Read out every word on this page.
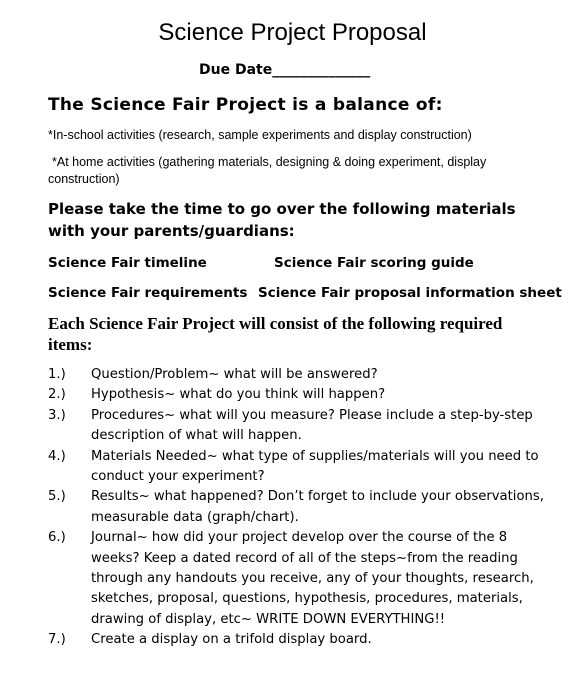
Science Project Proposal
Due Date______________
The Science Fair Project is a balance of:
*In-school activities (research, sample experiments and display construction)
*At home activities (gathering materials, designing & doing experiment, display construction)
Please take the time to go over the following materials with your parents/guardians:
Science Fair timeline	Science Fair scoring guide
Science Fair requirements Science Fair proposal information sheet
Each Science Fair Project will consist of the following required items:
1.)	Question/Problem~ what will be answered?
2.)	Hypothesis~ what do you think will happen?
3.)	Procedures~ what will you measure? Please include a step-by-step description of what will happen.
4.)	Materials Needed~ what type of supplies/materials will you need to conduct your experiment?
5.)	Results~ what happened? Don’t forget to include your observations, measurable data (graph/chart).
6.)	Journal~ how did your project develop over the course of the 8 weeks? Keep a dated record of all of the steps~from the reading through any handouts you receive, any of your thoughts, research, sketches, proposal, questions, hypothesis, procedures, materials, drawing of display, etc~ WRITE DOWN EVERYTHING!!
7.)	Create a display on a trifold display board.
